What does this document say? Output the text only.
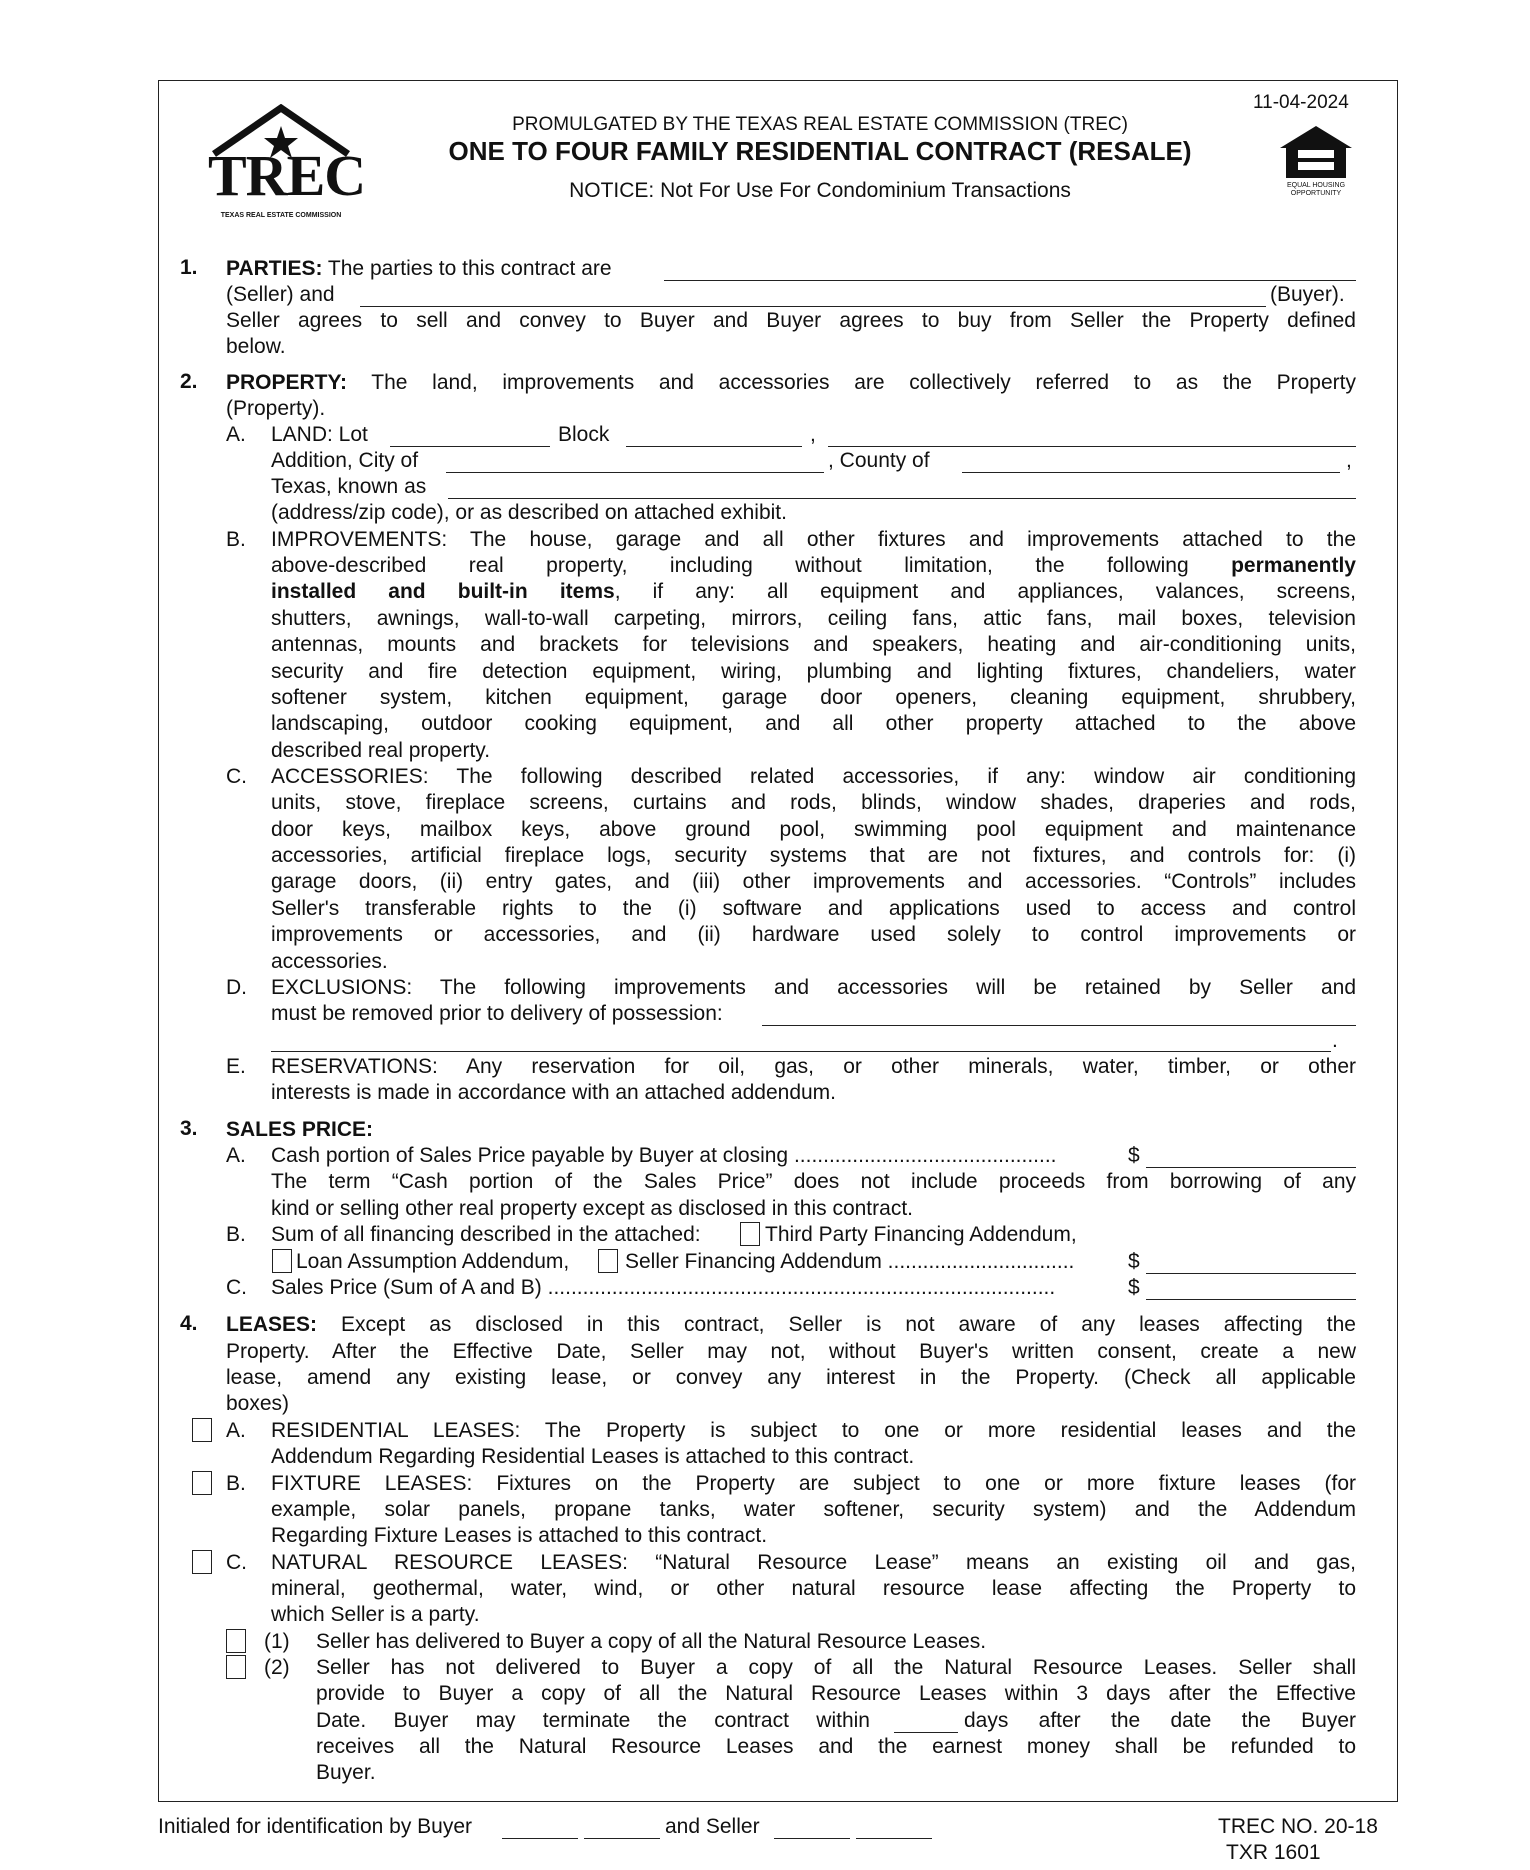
11-04-2024
TREC
TEXAS REAL ESTATE COMMISSION
PROMULGATED BY THE TEXAS REAL ESTATE COMMISSION (TREC)
ONE TO FOUR FAMILY RESIDENTIAL CONTRACT (RESALE)
NOTICE: Not For Use For Condominium Transactions	EQUAL HOUSING
OPPORTUNITY
1. PARTIES: The parties to this contract are
(Seller) and	(Buyer).
Seller agrees to sell and convey to Buyer and Buyer agrees to buy from Seller the Property defined
below.
2. PROPERTY: The land, improvements and accessories are collectively referred to as the Property
(Property).
A. LAND: Lot	Block	,
Addition, City of	, County of	,
Texas, known as
(address/zip code), or as described on attached exhibit.
B. IMPROVEMENTS: The house, garage and all other fixtures and improvements attached to the
above-described real property, including without limitation, the following permanently
installed and built-in items, if any: all equipment and appliances, valances, screens,
shutters, awnings, wall-to-wall carpeting, mirrors, ceiling fans, attic fans, mail boxes, television
antennas, mounts and brackets for televisions and speakers, heating and air-conditioning units,
security and fire detection equipment, wiring, plumbing and lighting fixtures, chandeliers, water
softener system, kitchen equipment, garage door openers, cleaning equipment, shrubbery,
landscaping, outdoor cooking equipment, and all other property attached to the above
described real property.
C. ACCESSORIES: The following described related accessories, if any: window air conditioning
units, stove, fireplace screens, curtains and rods, blinds, window shades, draperies and rods,
door keys, mailbox keys, above ground pool, swimming pool equipment and maintenance
accessories, artificial fireplace logs, security systems that are not fixtures, and controls for: (i)
garage doors, (ii) entry gates, and (iii) other improvements and accessories. “Controls” includes
Seller's transferable rights to the (i) software and applications used to access and control
improvements or accessories, and (ii) hardware used solely to control improvements or
accessories.
D. EXCLUSIONS: The following improvements and accessories will be retained by Seller and
must be removed prior to delivery of possession:
.
E. RESERVATIONS: Any reservation for oil, gas, or other minerals, water, timber, or other
interests is made in accordance with an attached addendum.
3. SALES PRICE:
A. Cash portion of Sales Price payable by Buyer at closing .............................................	$
The term “Cash portion of the Sales Price” does not include proceeds from borrowing of any
kind or selling other real property except as disclosed in this contract.
B. Sum of all financing described in the attached:	Third Party Financing Addendum,
Loan Assumption Addendum,	Seller Financing Addendum ................................	$
C. Sales Price (Sum of A and B) .......................................................................................	$
4. LEASES: Except as disclosed in this contract, Seller is not aware of any leases affecting the
Property. After the Effective Date, Seller may not, without Buyer's written consent, create a new
lease, amend any existing lease, or convey any interest in the Property. (Check all applicable
boxes)
A. RESIDENTIAL LEASES: The Property is subject to one or more residential leases and the
Addendum Regarding Residential Leases is attached to this contract.
B. FIXTURE LEASES: Fixtures on the Property are subject to one or more fixture leases (for
example, solar panels, propane tanks, water softener, security system) and the Addendum
Regarding Fixture Leases is attached to this contract.
C. NATURAL RESOURCE LEASES: “Natural Resource Lease” means an existing oil and gas,
mineral, geothermal, water, wind, or other natural resource lease affecting the Property to
which Seller is a party.
(1) Seller has delivered to Buyer a copy of all the Natural Resource Leases.
(2) Seller has not delivered to Buyer a copy of all the Natural Resource Leases. Seller shall
provide to Buyer a copy of all the Natural Resource Leases within 3 days after the Effective
Date. Buyer may terminate the contract within	days after the date the Buyer
receives all the Natural Resource Leases and the earnest money shall be refunded to
Buyer.
Initialed for identification by Buyer	and Seller	TREC NO. 20-18
TXR 1601
